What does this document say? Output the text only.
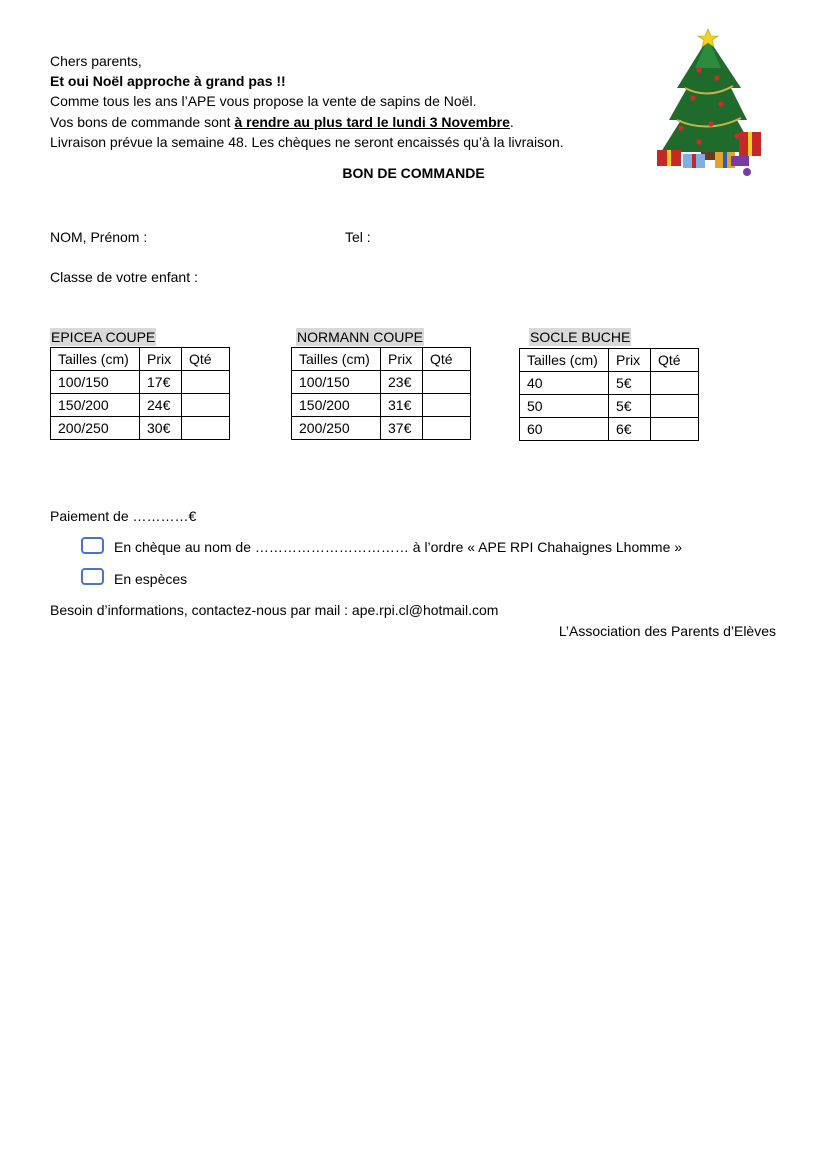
Chers parents,
Et oui Noël approche à grand pas !!
Comme tous les ans l’APE vous propose la vente de sapins de Noël.
Vos bons de commande sont à rendre au plus tard le lundi 3 Novembre.
Livraison prévue la semaine 48. Les chèques ne seront encaissés qu’à la livraison.
BON DE COMMANDE
NOM, Prénom :	Tel :
Classe de votre enfant :
EPICEA COUPE
Tailles (cm)	Prix	Qté
100/150	17€	
150/200	24€	
200/250	30€	
NORMANN COUPE
Tailles (cm)	Prix	Qté
100/150	23€	
150/200	31€	
200/250	37€	
SOCLE BUCHE
Tailles (cm)	Prix	Qté
40	5€	
50	5€	
60	6€	
Paiement de …………€
En chèque au nom de …………………………… à l’ordre « APE RPI Chahaignes Lhomme »
En espèces
Besoin d’informations, contactez-nous par mail : ape.rpi.cl@hotmail.com
L’Association des Parents d’Elèves
